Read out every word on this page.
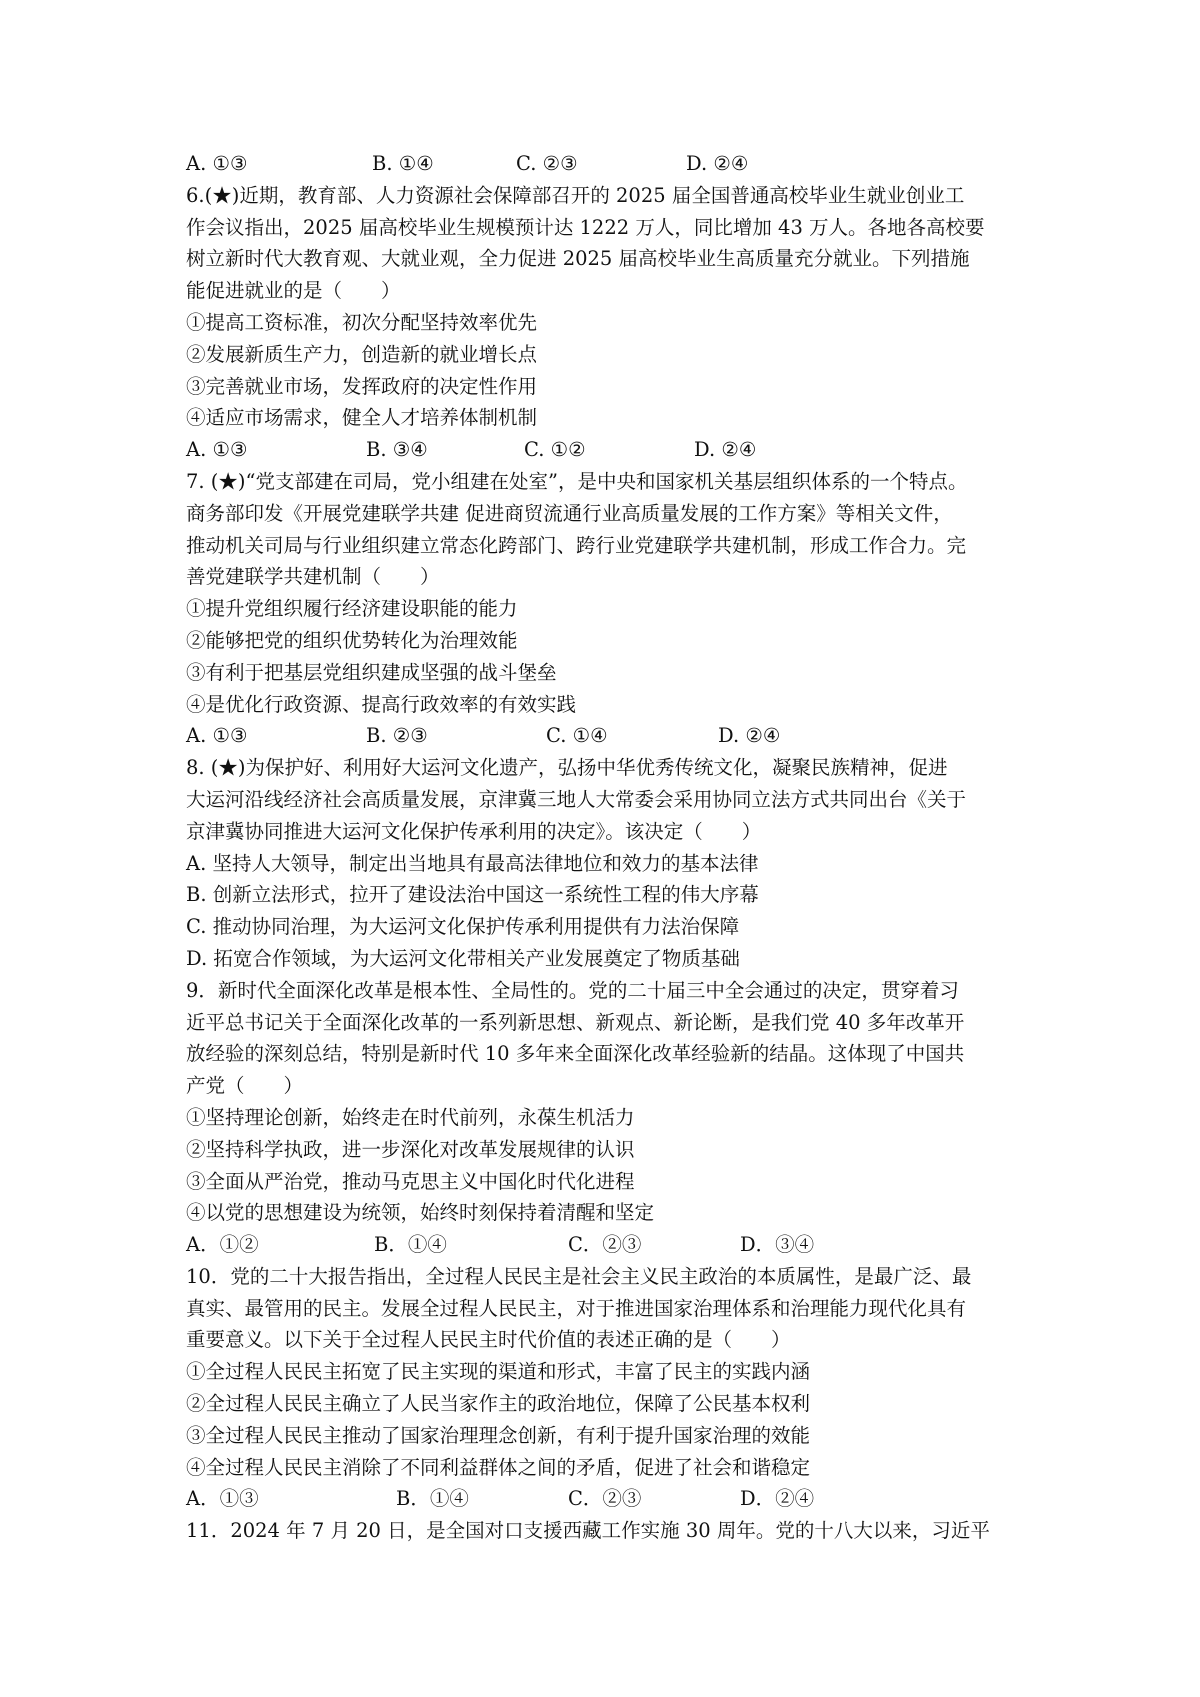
A. ①③	B. ①④	C. ②③	D. ②④
6.(★)近期，教育部、人力资源社会保障部召开的 2025 届全国普通高校毕业生就业创业工
作会议指出，2025 届高校毕业生规模预计达 1222 万人，同比增加 43 万人。各地各高校要
树立新时代大教育观、大就业观，全力促进 2025 届高校毕业生高质量充分就业。下列措施
能促进就业的是（　　）
①提高工资标准，初次分配坚持效率优先
②发展新质生产力，创造新的就业增长点
③完善就业市场，发挥政府的决定性作用
④适应市场需求，健全人才培养体制机制
A. ①③	B. ③④	C. ①②	D. ②④
7. (★)“党支部建在司局，党小组建在处室”，是中央和国家机关基层组织体系的一个特点。
商务部印发《开展党建联学共建 促进商贸流通行业高质量发展的工作方案》等相关文件，
推动机关司局与行业组织建立常态化跨部门、跨行业党建联学共建机制，形成工作合力。完
善党建联学共建机制（　　）
①提升党组织履行经济建设职能的能力
②能够把党的组织优势转化为治理效能
③有利于把基层党组织建成坚强的战斗堡垒
④是优化行政资源、提高行政效率的有效实践
A. ①③	B. ②③	C. ①④	D. ②④
8. (★)为保护好、利用好大运河文化遗产，弘扬中华优秀传统文化，凝聚民族精神，促进
大运河沿线经济社会高质量发展，京津冀三地人大常委会采用协同立法方式共同出台《关于
京津冀协同推进大运河文化保护传承利用的决定》。该决定（　　）
A. 坚持人大领导，制定出当地具有最高法律地位和效力的基本法律
B. 创新立法形式，拉开了建设法治中国这一系统性工程的伟大序幕
C. 推动协同治理，为大运河文化保护传承利用提供有力法治保障
D. 拓宽合作领域，为大运河文化带相关产业发展奠定了物质基础
9．新时代全面深化改革是根本性、全局性的。党的二十届三中全会通过的决定，贯穿着习
近平总书记关于全面深化改革的一系列新思想、新观点、新论断，是我们党 40 多年改革开
放经验的深刻总结，特别是新时代 10 多年来全面深化改革经验新的结晶。这体现了中国共
产党（　　）
①坚持理论创新，始终走在时代前列，永葆生机活力
②坚持科学执政，进一步深化对改革发展规律的认识
③全面从严治党，推动马克思主义中国化时代化进程
④以党的思想建设为统领，始终时刻保持着清醒和坚定
A．①②	B．①④	C．②③	D．③④
10．党的二十大报告指出，全过程人民民主是社会主义民主政治的本质属性，是最广泛、最
真实、最管用的民主。发展全过程人民民主，对于推进国家治理体系和治理能力现代化具有
重要意义。以下关于全过程人民民主时代价值的表述正确的是（　　）
①全过程人民民主拓宽了民主实现的渠道和形式，丰富了民主的实践内涵
②全过程人民民主确立了人民当家作主的政治地位，保障了公民基本权利
③全过程人民民主推动了国家治理理念创新，有利于提升国家治理的效能
④全过程人民民主消除了不同利益群体之间的矛盾，促进了社会和谐稳定
A．①③	B．①④	C．②③	D．②④
11．2024 年 7 月 20 日，是全国对口支援西藏工作实施 30 周年。党的十八大以来，习近平
